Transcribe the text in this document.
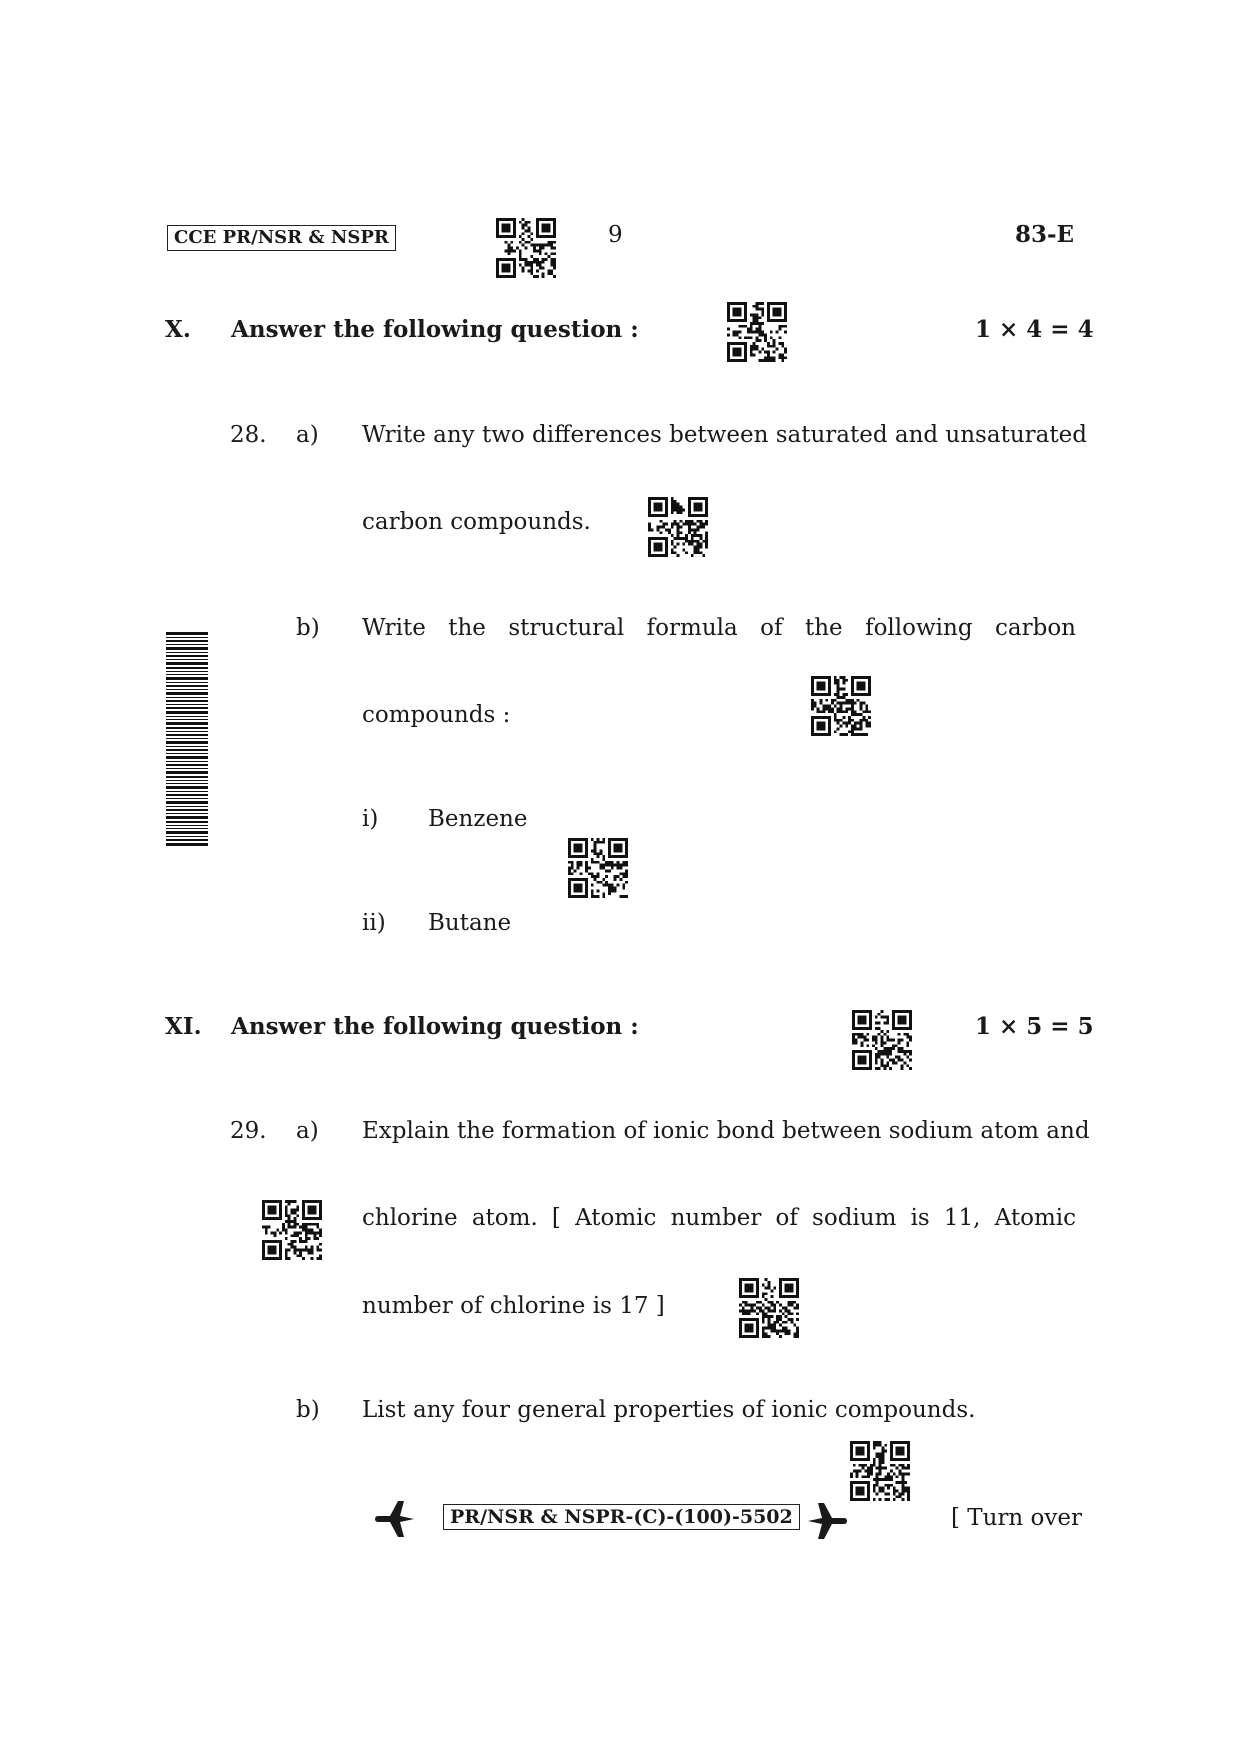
CCE PR/NSR & NSPR	9	83-E
X. Answer the following question :	1 × 4 = 4
28. a) Write any two differences between saturated and unsaturated
carbon compounds.
b) Write the structural formula of the following carbon
compounds :
i) Benzene
ii) Butane
XI. Answer the following question :	1 × 5 = 5
29. a) Explain the formation of ionic bond between sodium atom and
chlorine atom. [ Atomic number of sodium is 11, Atomic
number of chlorine is 17 ]
b) List any four general properties of ionic compounds.
PR/NSR & NSPR-(C)-(100)-5502	[ Turn over
